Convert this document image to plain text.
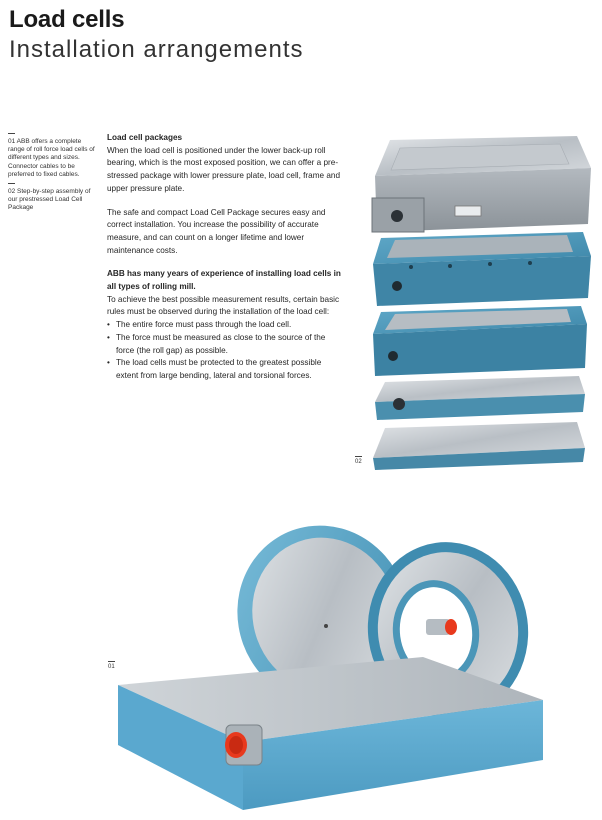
Load cells
Installation arrangements
01 ABB offers a complete range of roll force load cells of different types and sizes. Connector cables to be preferred to fixed cables.
02 Step-by-step assembly of our prestressed Load Cell Package
Load cell packages

When the load cell is positioned under the lower back-up roll bearing, which is the most exposed position, we can offer a pre-stressed package with lower pressure plate, load cell, frame and upper pressure plate.

The safe and compact Load Cell Package secures easy and correct installation. You increase the possibility of accurate measure, and can count on a longer lifetime and lower maintenance costs.

ABB has many years of experience of installing load cells in all types of rolling mill.

To achieve the best possible measurement results, certain basic rules must be observed during the installation of the load cell:

• The entire force must pass through the load cell.
• The force must be measured as close to the source of the force (the roll gap) as possible.
• The load cells must be protected to the greatest possible extent from large bending, lateral and torsional forces.
02
01
